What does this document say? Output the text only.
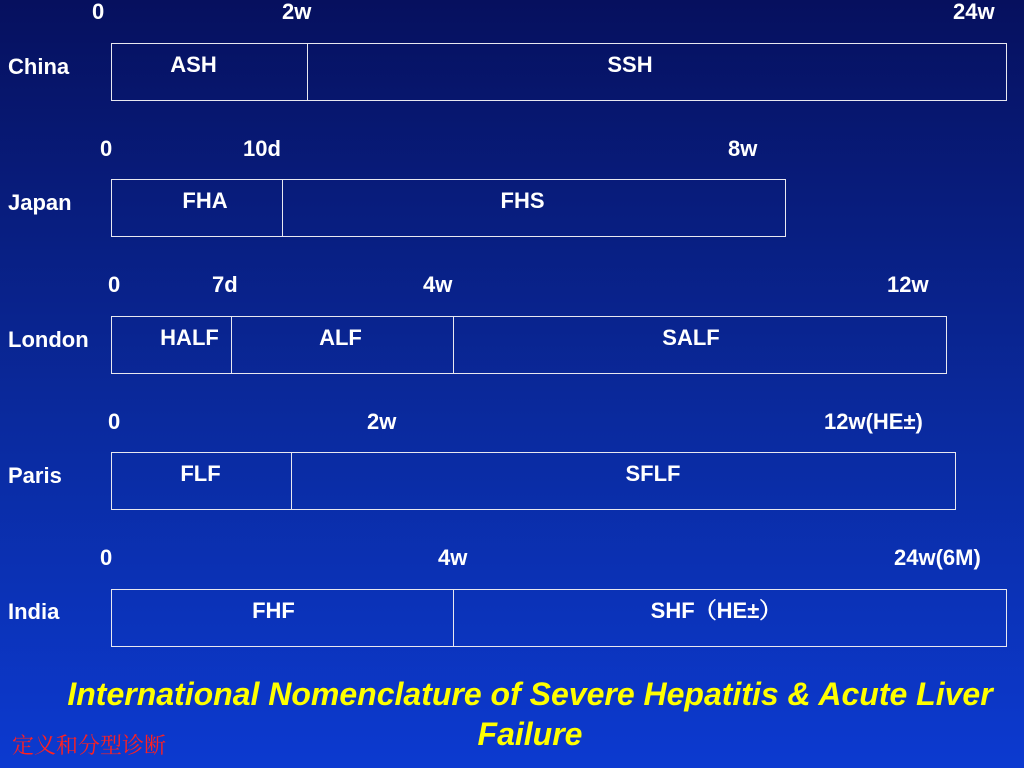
0	2w	24w
China	ASH	SSH
0	10d	8w
Japan	FHA	FHS
0	7d	4w	12w
London	HALF	ALF	SALF
0	2w	12w(HE±)
Paris	FLF	SFLF
0	4w	24w(6M)
India	FHF	SHF（HE±）
International Nomenclature of Severe Hepatitis & Acute Liver Failure
定义和分型诊断
